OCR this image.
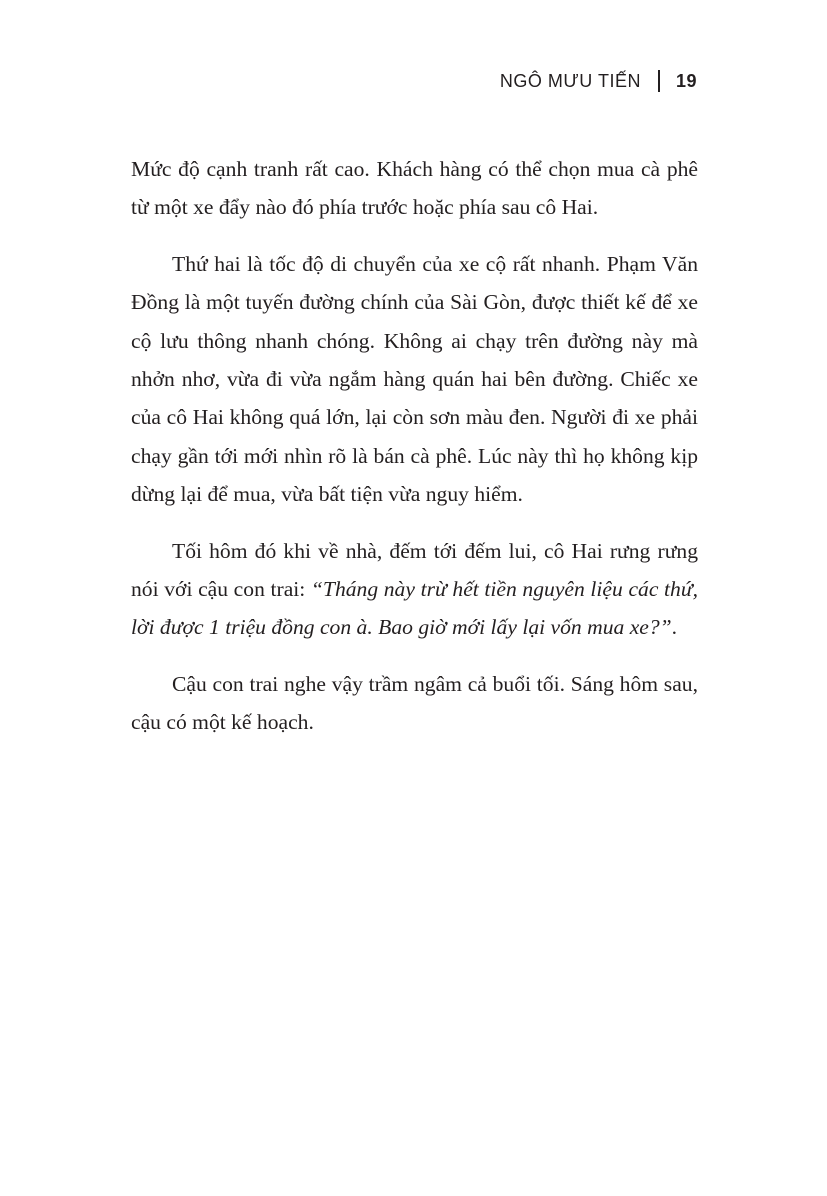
NGÔ MƯU TIẾN 19

Mức độ cạnh tranh rất cao. Khách hàng có thể chọn mua cà phê từ một xe đẩy nào đó phía trước hoặc phía sau cô Hai.

Thứ hai là tốc độ di chuyển của xe cộ rất nhanh. Phạm Văn Đồng là một tuyến đường chính của Sài Gòn, được thiết kế để xe cộ lưu thông nhanh chóng. Không ai chạy trên đường này mà nhởn nhơ, vừa đi vừa ngắm hàng quán hai bên đường. Chiếc xe của cô Hai không quá lớn, lại còn sơn màu đen. Người đi xe phải chạy gần tới mới nhìn rõ là bán cà phê. Lúc này thì họ không kịp dừng lại để mua, vừa bất tiện vừa nguy hiểm.

Tối hôm đó khi về nhà, đếm tới đếm lui, cô Hai rưng rưng nói với cậu con trai: “Tháng này trừ hết tiền nguyên liệu các thứ, lời được 1 triệu đồng con à. Bao giờ mới lấy lại vốn mua xe?”.

Cậu con trai nghe vậy trầm ngâm cả buổi tối. Sáng hôm sau, cậu có một kế hoạch.
